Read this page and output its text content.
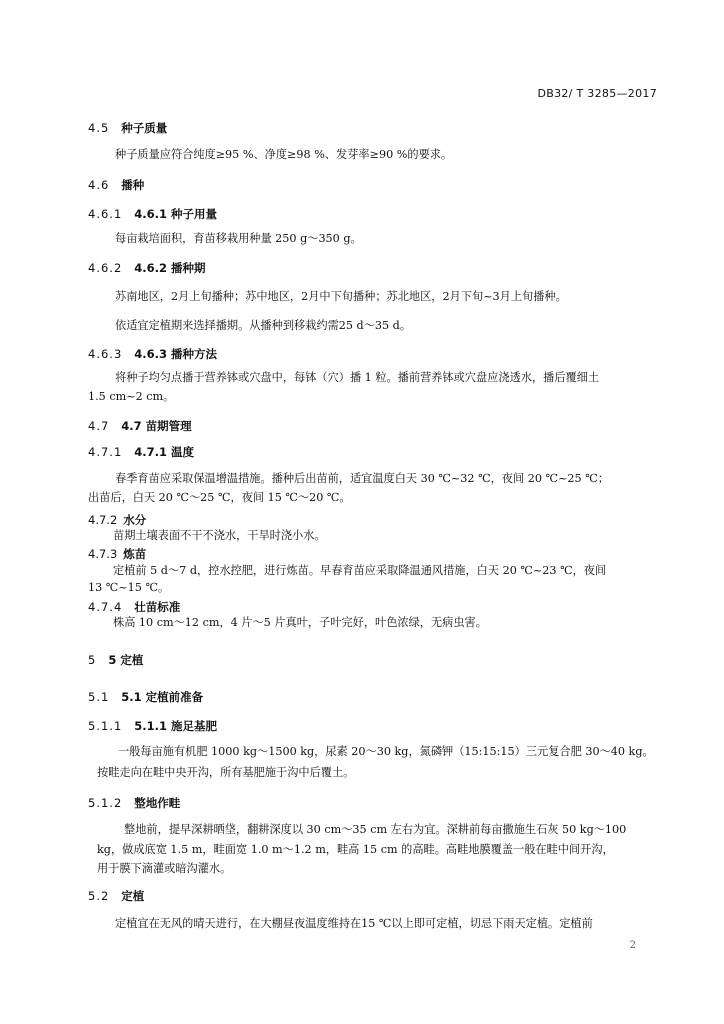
DB32/ T 3285—2017
4.5 种子质量
种子质量应符合纯度≥95 %、净度≥98 %、发芽率≥90 %的要求。
4.6 播种
4.6.1 4.6.1 种子用量
每亩栽培面积，育苗移栽用种量 250 g～350 g。
4.6.2 4.6.2 播种期
苏南地区，2月上旬播种；苏中地区，2月中下旬播种；苏北地区，2月下旬~3月上旬播种。
依适宜定植期来选择播期。从播种到移栽约需25 d～35 d。
4.6.3 4.6.3 播种方法
将种子均匀点播于营养钵或穴盘中，每钵（穴）播 1 粒。播前营养钵或穴盘应浇透水，播后覆细土
1.5 cm~2 cm。
4.7 4.7 苗期管理
4.7.1 4.7.1 温度
春季育苗应采取保温增温措施。播种后出苗前，适宜温度白天 30 ℃~32 ℃，夜间 20 ℃~25 ℃；
出苗后，白天 20 ℃～25 ℃，夜间 15 ℃～20 ℃。
4.7.2 水分
苗期土壤表面不干不浇水，干旱时浇小水。
4.7.3 炼苗
定植前 5 d～7 d，控水控肥，进行炼苗。早春育苗应采取降温通风措施，白天 20 ℃~23 ℃，夜间
13 ℃~15 ℃。
4.7.4 壮苗标准
株高 10 cm～12 cm，4 片～5 片真叶，子叶完好，叶色浓绿，无病虫害。
5 5 定植
5.1 5.1 定植前准备
5.1.1 5.1.1 施足基肥
一般每亩施有机肥 1000 kg～1500 kg，尿素 20～30 kg，氮磷钾（15:15:15）三元复合肥 30～40 kg。
按畦走向在畦中央开沟，所有基肥施于沟中后覆土。
5.1.2 整地作畦
整地前，提早深耕晒垡，翻耕深度以 30 cm～35 cm 左右为宜。深耕前每亩撒施生石灰 50 kg～100
kg，做成底宽 1.5 m，畦面宽 1.0 m～1.2 m，畦高 15 cm 的高畦。高畦地膜覆盖一般在畦中间开沟，
用于膜下滴灌或暗沟灌水。
5.2 定植
定植宜在无风的晴天进行，在大棚昼夜温度维持在15 ℃以上即可定植，切忌下雨天定植。定植前
2
